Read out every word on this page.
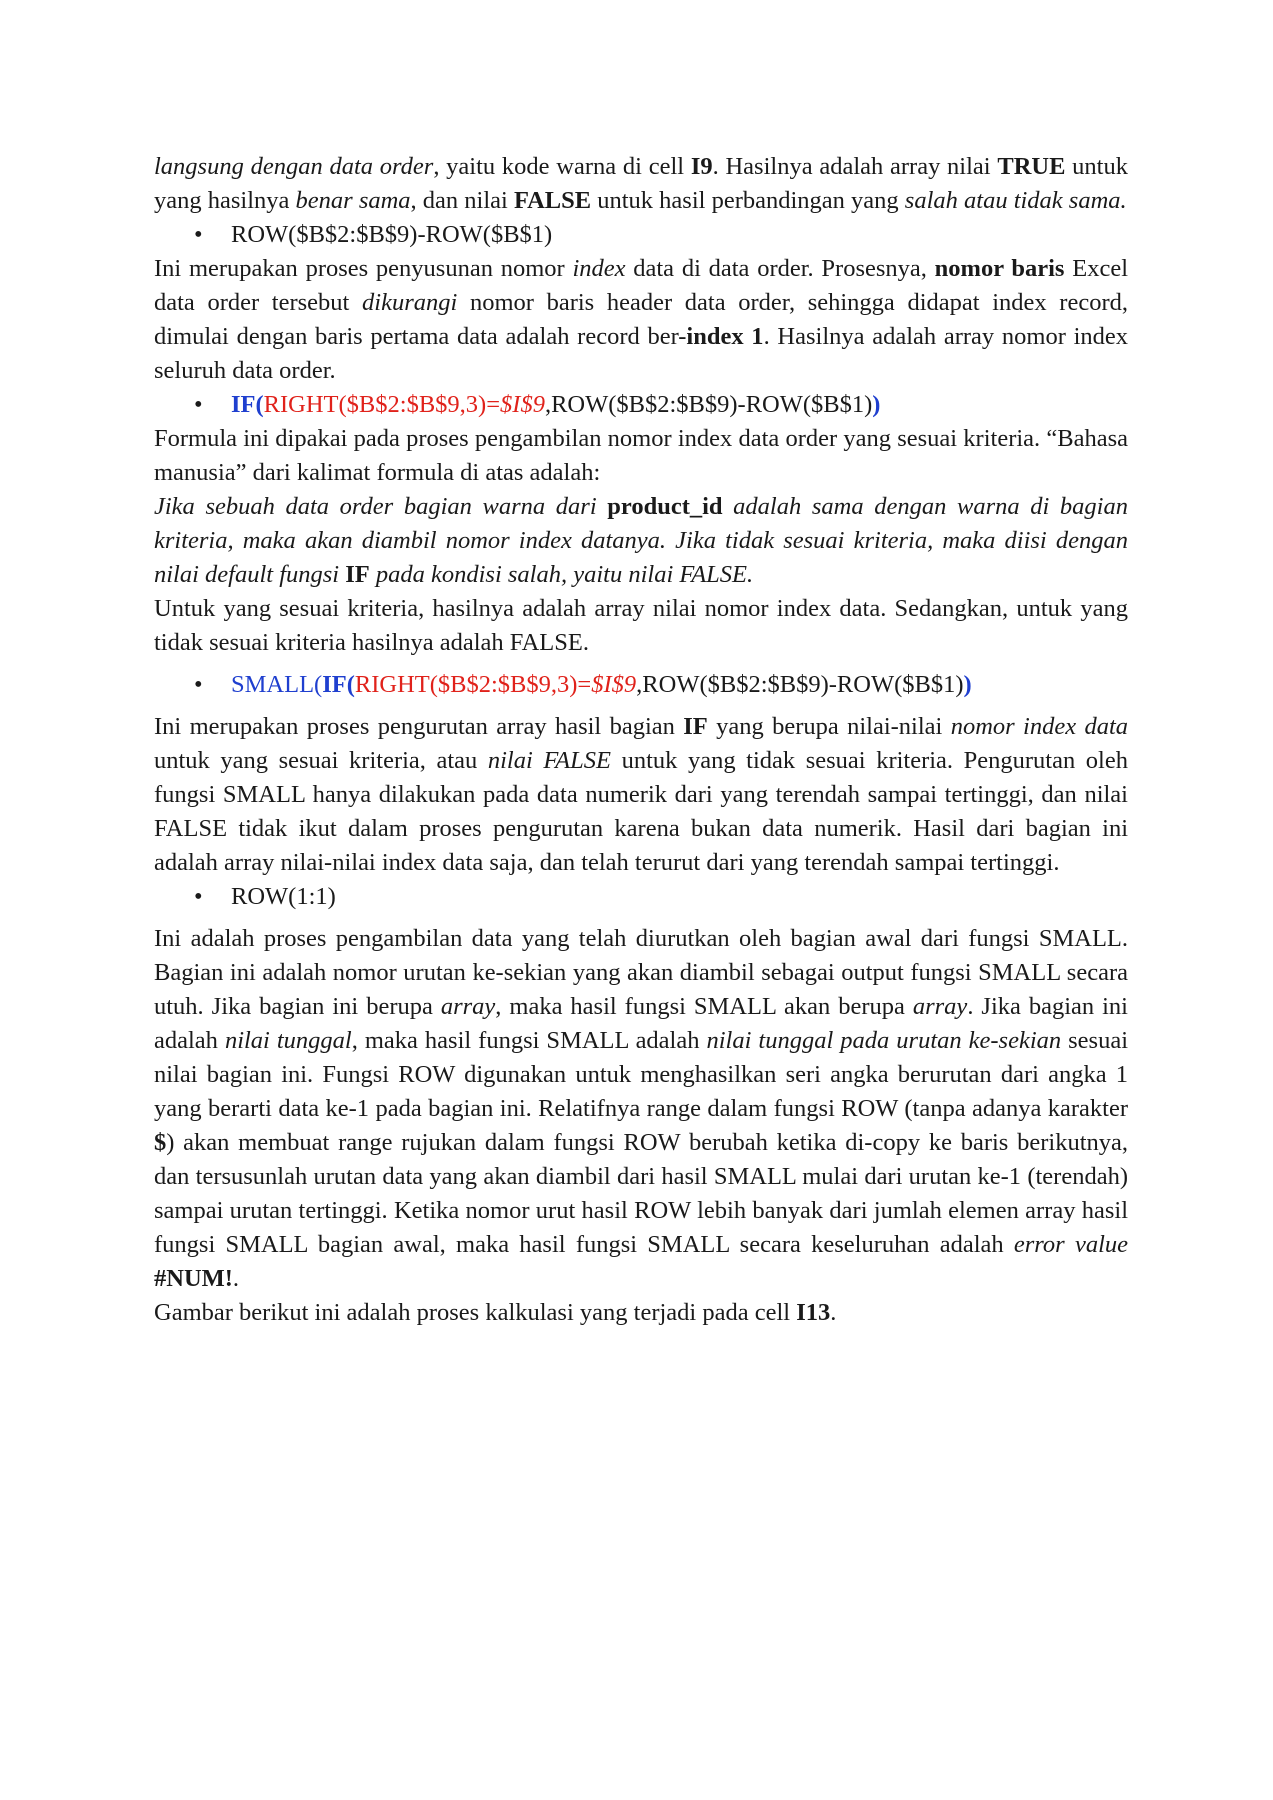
langsung dengan data order, yaitu kode warna di cell I9. Hasilnya adalah array nilai TRUE untuk yang hasilnya benar sama, dan nilai FALSE untuk hasil perbandingan yang salah atau tidak sama.

• ROW($B$2:$B$9)-ROW($B$1)

Ini merupakan proses penyusunan nomor index data di data order. Prosesnya, nomor baris Excel data order tersebut dikurangi nomor baris header data order, sehingga didapat index record, dimulai dengan baris pertama data adalah record ber-index 1. Hasilnya adalah array nomor index seluruh data order.

• IF(RIGHT($B$2:$B$9,3)=$I$9,ROW($B$2:$B$9)-ROW($B$1))

Formula ini dipakai pada proses pengambilan nomor index data order yang sesuai kriteria. “Bahasa manusia” dari kalimat formula di atas adalah:

Jika sebuah data order bagian warna dari product_id adalah sama dengan warna di bagian kriteria, maka akan diambil nomor index datanya. Jika tidak sesuai kriteria, maka diisi dengan nilai default fungsi IF pada kondisi salah, yaitu nilai FALSE.

Untuk yang sesuai kriteria, hasilnya adalah array nilai nomor index data. Sedangkan, untuk yang tidak sesuai kriteria hasilnya adalah FALSE.

• SMALL(IF(RIGHT($B$2:$B$9,3)=$I$9,ROW($B$2:$B$9)-ROW($B$1))

Ini merupakan proses pengurutan array hasil bagian IF yang berupa nilai-nilai nomor index data untuk yang sesuai kriteria, atau nilai FALSE untuk yang tidak sesuai kriteria. Pengurutan oleh fungsi SMALL hanya dilakukan pada data numerik dari yang terendah sampai tertinggi, dan nilai FALSE tidak ikut dalam proses pengurutan karena bukan data numerik. Hasil dari bagian ini adalah array nilai-nilai index data saja, dan telah terurut dari yang terendah sampai tertinggi.

• ROW(1:1)

Ini adalah proses pengambilan data yang telah diurutkan oleh bagian awal dari fungsi SMALL. Bagian ini adalah nomor urutan ke-sekian yang akan diambil sebagai output fungsi SMALL secara utuh. Jika bagian ini berupa array, maka hasil fungsi SMALL akan berupa array. Jika bagian ini adalah nilai tunggal, maka hasil fungsi SMALL adalah nilai tunggal pada urutan ke-sekian sesuai nilai bagian ini. Fungsi ROW digunakan untuk menghasilkan seri angka berurutan dari angka 1 yang berarti data ke-1 pada bagian ini. Relatifnya range dalam fungsi ROW (tanpa adanya karakter $) akan membuat range rujukan dalam fungsi ROW berubah ketika di-copy ke baris berikutnya, dan tersusunlah urutan data yang akan diambil dari hasil SMALL mulai dari urutan ke-1 (terendah) sampai urutan tertinggi. Ketika nomor urut hasil ROW lebih banyak dari jumlah elemen array hasil fungsi SMALL bagian awal, maka hasil fungsi SMALL secara keseluruhan adalah error value #NUM!.

Gambar berikut ini adalah proses kalkulasi yang terjadi pada cell I13.
